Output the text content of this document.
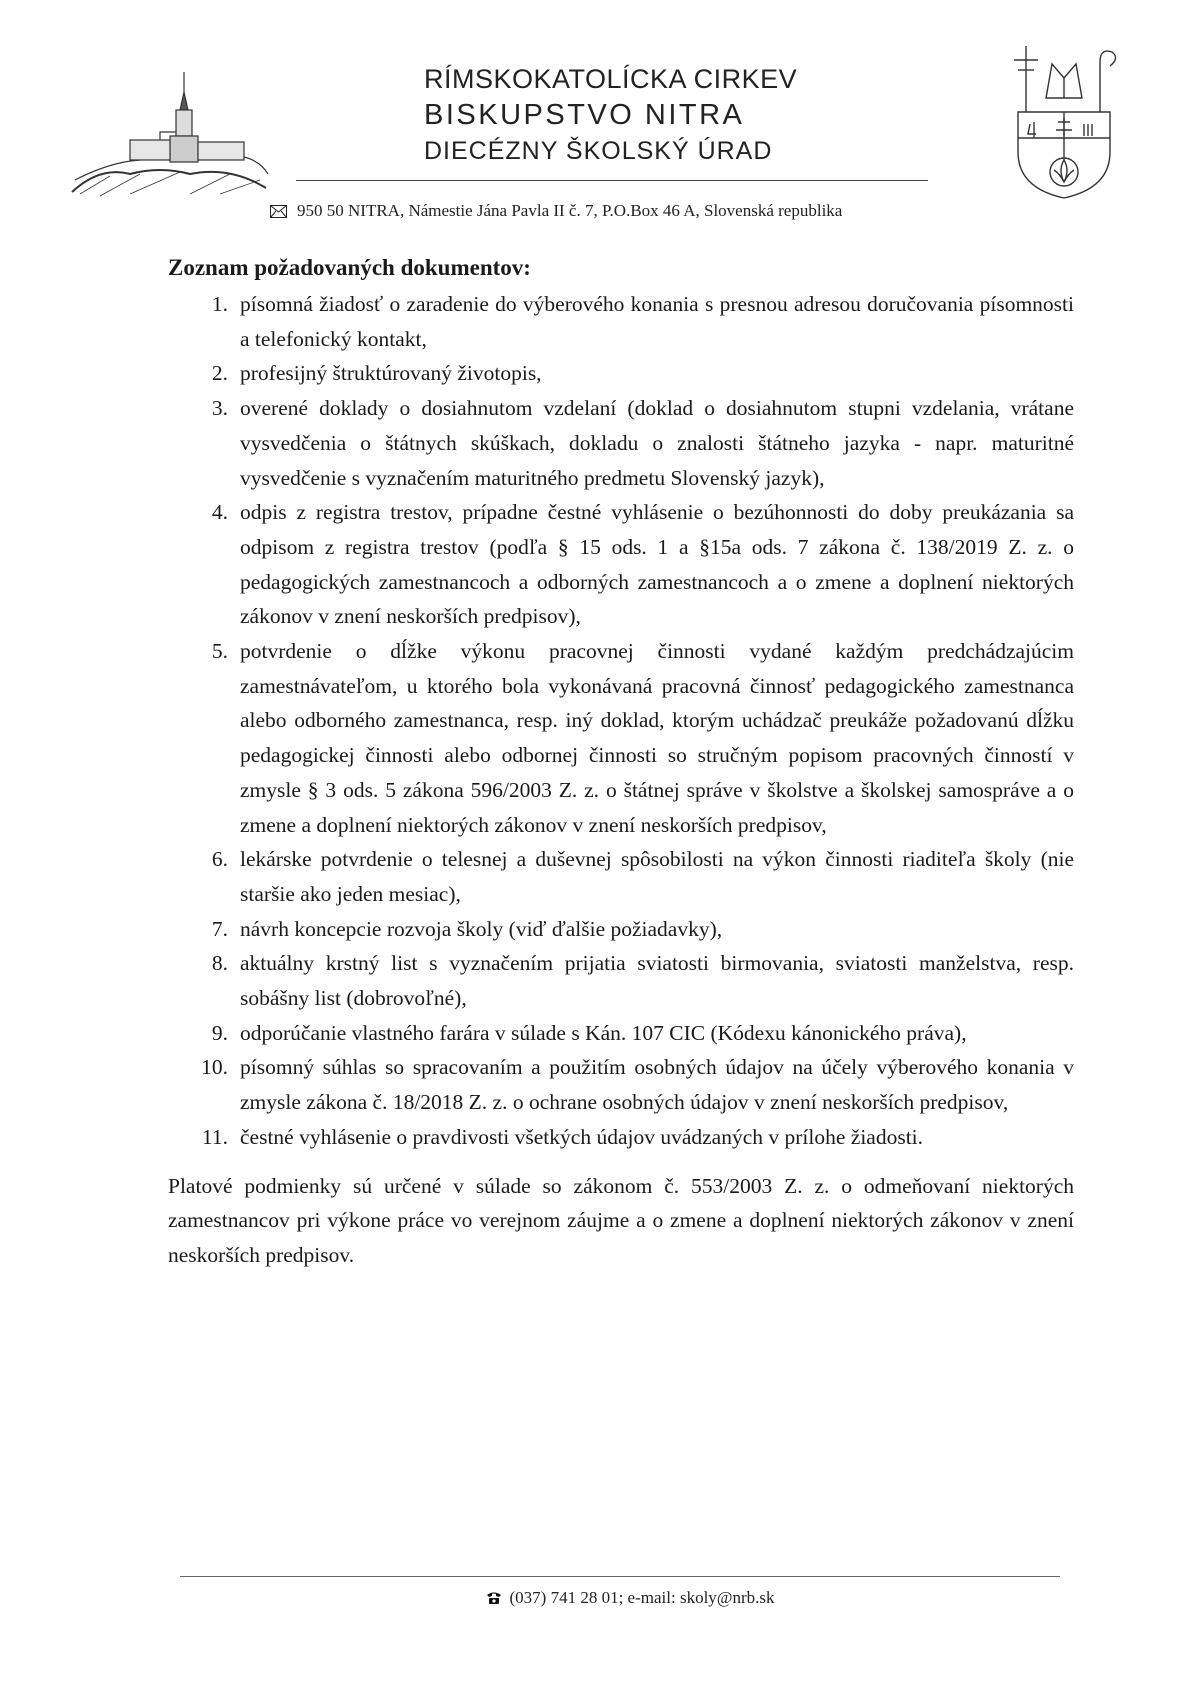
RÍMSKOKATOLÍCKA CIRKEV
BISKUPSTVO NITRA
DIECÉZNY ŠKOLSKÝ ÚRAD
950 50 NITRA, Námestie Jána Pavla II č. 7, P.O.Box 46 A, Slovenská republika
Zoznam požadovaných dokumentov:
1. písomná žiadosť o zaradenie do výberového konania s presnou adresou doručovania písomnosti a telefonický kontakt,
2. profesijný štruktúrovaný životopis,
3. overené doklady o dosiahnutom vzdelaní (doklad o dosiahnutom stupni vzdelania, vrátane vysvedčenia o štátnych skúškach, dokladu o znalosti štátneho jazyka - napr. maturitné vysvedčenie s vyznačením maturitného predmetu Slovenský jazyk),
4. odpis z registra trestov, prípadne čestné vyhlásenie o bezúhonnosti do doby preukázania sa odpisom z registra trestov (podľa § 15 ods. 1 a §15a ods. 7 zákona č. 138/2019 Z. z. o pedagogických zamestnancoch a odborných zamestnancoch a o zmene a doplnení niektorých zákonov v znení neskorších predpisov),
5. potvrdenie o dĺžke výkonu pracovnej činnosti vydané každým predchádzajúcim zamestnávateľom, u ktorého bola vykonávaná pracovná činnosť pedagogického zamestnanca alebo odborného zamestnanca, resp. iný doklad, ktorým uchádzač preukáže požadovanú dĺžku pedagogickej činnosti alebo odbornej činnosti so stručným popisom pracovných činností v zmysle § 3 ods. 5 zákona 596/2003 Z. z. o štátnej správe v školstve a školskej samospráve a o zmene a doplnení niektorých zákonov v znení neskorších predpisov,
6. lekárske potvrdenie o telesnej a duševnej spôsobilosti na výkon činnosti riaditeľa školy (nie staršie ako jeden mesiac),
7. návrh koncepcie rozvoja školy (viď ďalšie požiadavky),
8. aktuálny krstný list s vyznačením prijatia sviatosti birmovania, sviatosti manželstva, resp. sobášny list (dobrovoľné),
9. odporúčanie vlastného farára v súlade s Kán. 107 CIC (Kódexu kánonického práva),
10. písomný súhlas so spracovaním a použitím osobných údajov na účely výberového konania v zmysle zákona č. 18/2018 Z. z. o ochrane osobných údajov v znení neskorších predpisov,
11. čestné vyhlásenie o pravdivosti všetkých údajov uvádzaných v prílohe žiadosti.

Platové podmienky sú určené v súlade so zákonom č. 553/2003 Z. z. o odmeňovaní niektorých zamestnancov pri výkone práce vo verejnom záujme a o zmene a doplnení niektorých zákonov v znení neskorších predpisov.

(037) 741 28 01; e-mail: skoly@nrb.sk
